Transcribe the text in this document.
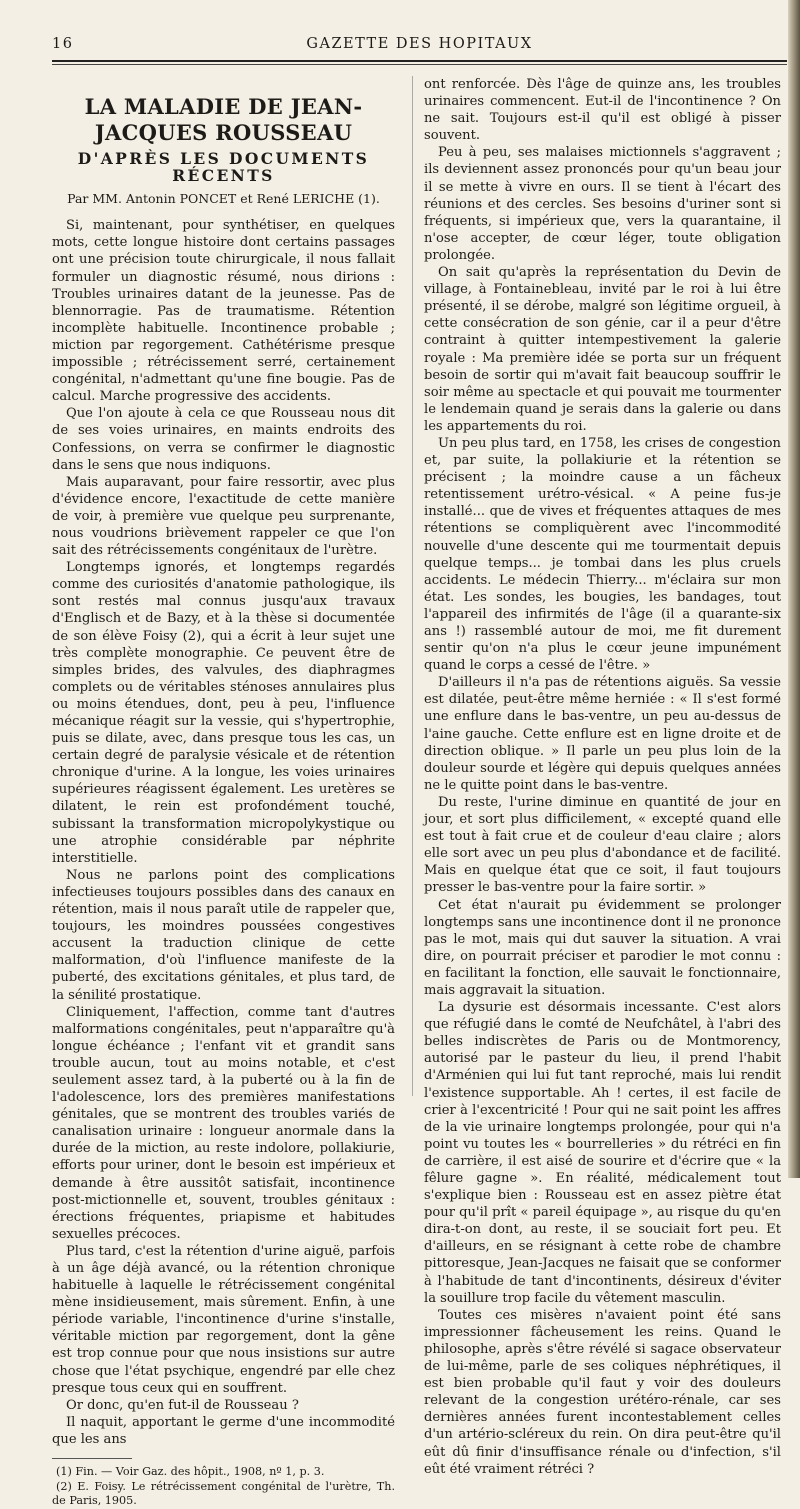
16	GAZETTE DES HOPITAUX
LA MALADIE DE JEAN-JACQUES ROUSSEAU
D'APRÈS LES DOCUMENTS RÉCENTS
Par MM. Antonin PONCET et René LERICHE (1).

Si, maintenant, pour synthétiser, en quelques mots, cette longue histoire dont certains passages ont une précision toute chirurgicale, il nous fallait formuler un diagnostic résumé, nous dirions : Troubles urinaires datant de la jeunesse. Pas de blennorragie. Pas de traumatisme. Rétention incomplète habituelle. Incontinence probable ; miction par regorgement. Cathétérisme presque impossible ; rétrécissement serré, certainement congénital, n'admettant qu'une fine bougie. Pas de calcul. Marche progressive des accidents.

Que l'on ajoute à cela ce que Rousseau nous dit de ses voies urinaires, en maints endroits des Confessions, on verra se confirmer le diagnostic dans le sens que nous indiquons.

Mais auparavant, pour faire ressortir, avec plus d'évidence encore, l'exactitude de cette manière de voir, à première vue quelque peu surprenante, nous voudrions brièvement rappeler ce que l'on sait des rétrécissements congénitaux de l'urètre.

Longtemps ignorés, et longtemps regardés comme des curiosités d'anatomie pathologique, ils sont restés mal connus jusqu'aux travaux d'Englisch et de Bazy, et à la thèse si documentée de son élève Foisy (2), qui a écrit à leur sujet une très complète monographie. Ce peuvent être de simples brides, des valvules, des diaphragmes complets ou de véritables sténoses annulaires plus ou moins étendues, dont, peu à peu, l'influence mécanique réagit sur la vessie, qui s'hypertrophie, puis se dilate, avec, dans presque tous les cas, un certain degré de paralysie vésicale et de rétention chronique d'urine. A la longue, les voies urinaires supérieures réagissent également. Les uretères se dilatent, le rein est profondément touché, subissant la transformation micropolykystique ou une atrophie considérable par néphrite interstitielle.

Nous ne parlons point des complications infectieuses toujours possibles dans des canaux en rétention, mais il nous paraît utile de rappeler que, toujours, les moindres poussées congestives accusent la traduction clinique de cette malformation, d'où l'influence manifeste de la puberté, des excitations génitales, et plus tard, de la sénilité prostatique.

Cliniquement, l'affection, comme tant d'autres malformations congénitales, peut n'apparaître qu'à longue échéance ; l'enfant vit et grandit sans trouble aucun, tout au moins notable, et c'est seulement assez tard, à la puberté ou à la fin de l'adolescence, lors des premières manifestations génitales, que se montrent des troubles variés de canalisation urinaire : longueur anormale dans la durée de la miction, au reste indolore, pollakiurie, efforts pour uriner, dont le besoin est impérieux et demande à être aussitôt satisfait, incontinence post-mictionnelle et, souvent, troubles génitaux : érections fréquentes, priapisme et habitudes sexuelles précoces.

Plus tard, c'est la rétention d'urine aiguë, parfois à un âge déjà avancé, ou la rétention chronique habituelle à laquelle le rétrécissement congénital mène insidieusement, mais sûrement. Enfin, à une période variable, l'incontinence d'urine s'installe, véritable miction par regorgement, dont la gêne est trop connue pour que nous insistions sur autre chose que l'état psychique, engendré par elle chez presque tous ceux qui en souffrent.

Or donc, qu'en fut-il de Rousseau ?

Il naquit, apportant le germe d'une incommodité que les ans

(1) Fin. — Voir Gaz. des hôpit., 1908, nº 1, p. 3.

(2) E. Foisy. Le rétrécissement congénital de l'urètre, Th. de Paris, 1905.

ont renforcée. Dès l'âge de quinze ans, les troubles urinaires commencent. Eut-il de l'incontinence ? On ne sait. Toujours est-il qu'il est obligé à pisser souvent.

Peu à peu, ses malaises mictionnels s'aggravent ; ils deviennent assez prononcés pour qu'un beau jour il se mette à vivre en ours. Il se tient à l'écart des réunions et des cercles. Ses besoins d'uriner sont si fréquents, si impérieux que, vers la quarantaine, il n'ose accepter, de cœur léger, toute obligation prolongée.

On sait qu'après la représentation du Devin de village, à Fontainebleau, invité par le roi à lui être présenté, il se dérobe, malgré son légitime orgueil, à cette consécration de son génie, car il a peur d'être contraint à quitter intempestivement la galerie royale : Ma première idée se porta sur un fréquent besoin de sortir qui m'avait fait beaucoup souffrir le soir même au spectacle et qui pouvait me tourmenter le lendemain quand je serais dans la galerie ou dans les appartements du roi.

Un peu plus tard, en 1758, les crises de congestion et, par suite, la pollakiurie et la rétention se précisent ; la moindre cause a un fâcheux retentissement urétro-vésical. « A peine fus-je installé... que de vives et fréquentes attaques de mes rétentions se compliquèrent avec l'incommodité nouvelle d'une descente qui me tourmentait depuis quelque temps... je tombai dans les plus cruels accidents. Le médecin Thierry... m'éclaira sur mon état. Les sondes, les bougies, les bandages, tout l'appareil des infirmités de l'âge (il a quarante-six ans !) rassemblé autour de moi, me fit durement sentir qu'on n'a plus le cœur jeune impunément quand le corps a cessé de l'être. »

D'ailleurs il n'a pas de rétentions aiguës. Sa vessie est dilatée, peut-être même herniée : « Il s'est formé une enflure dans le bas-ventre, un peu au-dessus de l'aine gauche. Cette enflure est en ligne droite et de direction oblique. » Il parle un peu plus loin de la douleur sourde et légère qui depuis quelques années ne le quitte point dans le bas-ventre.

Du reste, l'urine diminue en quantité de jour en jour, et sort plus difficilement, « excepté quand elle est tout à fait crue et de couleur d'eau claire ; alors elle sort avec un peu plus d'abondance et de facilité. Mais en quelque état que ce soit, il faut toujours presser le bas-ventre pour la faire sortir. »

Cet état n'aurait pu évidemment se prolonger longtemps sans une incontinence dont il ne prononce pas le mot, mais qui dut sauver la situation. A vrai dire, on pourrait préciser et parodier le mot connu : en facilitant la fonction, elle sauvait le fonctionnaire, mais aggravait la situation.

La dysurie est désormais incessante. C'est alors que réfugié dans le comté de Neufchâtel, à l'abri des belles indiscrètes de Paris ou de Montmorency, autorisé par le pasteur du lieu, il prend l'habit d'Arménien qui lui fut tant reproché, mais lui rendit l'existence supportable. Ah ! certes, il est facile de crier à l'excentricité ! Pour qui ne sait point les affres de la vie urinaire longtemps prolongée, pour qui n'a point vu toutes les « bourrelleries » du rétréci en fin de carrière, il est aisé de sourire et d'écrire que « la fêlure gagne ». En réalité, médicalement tout s'explique bien : Rousseau est en assez piètre état pour qu'il prît « pareil équipage », au risque du qu'en dira-t-on dont, au reste, il se souciait fort peu. Et d'ailleurs, en se résignant à cette robe de chambre pittoresque, Jean-Jacques ne faisait que se conformer à l'habitude de tant d'incontinents, désireux d'éviter la souillure trop facile du vêtement masculin.

Toutes ces misères n'avaient point été sans impressionner fâcheusement les reins. Quand le philosophe, après s'être révélé si sagace observateur de lui-même, parle de ses coliques néphrétiques, il est bien probable qu'il faut y voir des douleurs relevant de la congestion urétéro-rénale, car ses dernières années furent incontestablement celles d'un artério-scléreux du rein. On dira peut-être qu'il eût dû finir d'insuffisance rénale ou d'infection, s'il eût été vraiment rétréci ?
